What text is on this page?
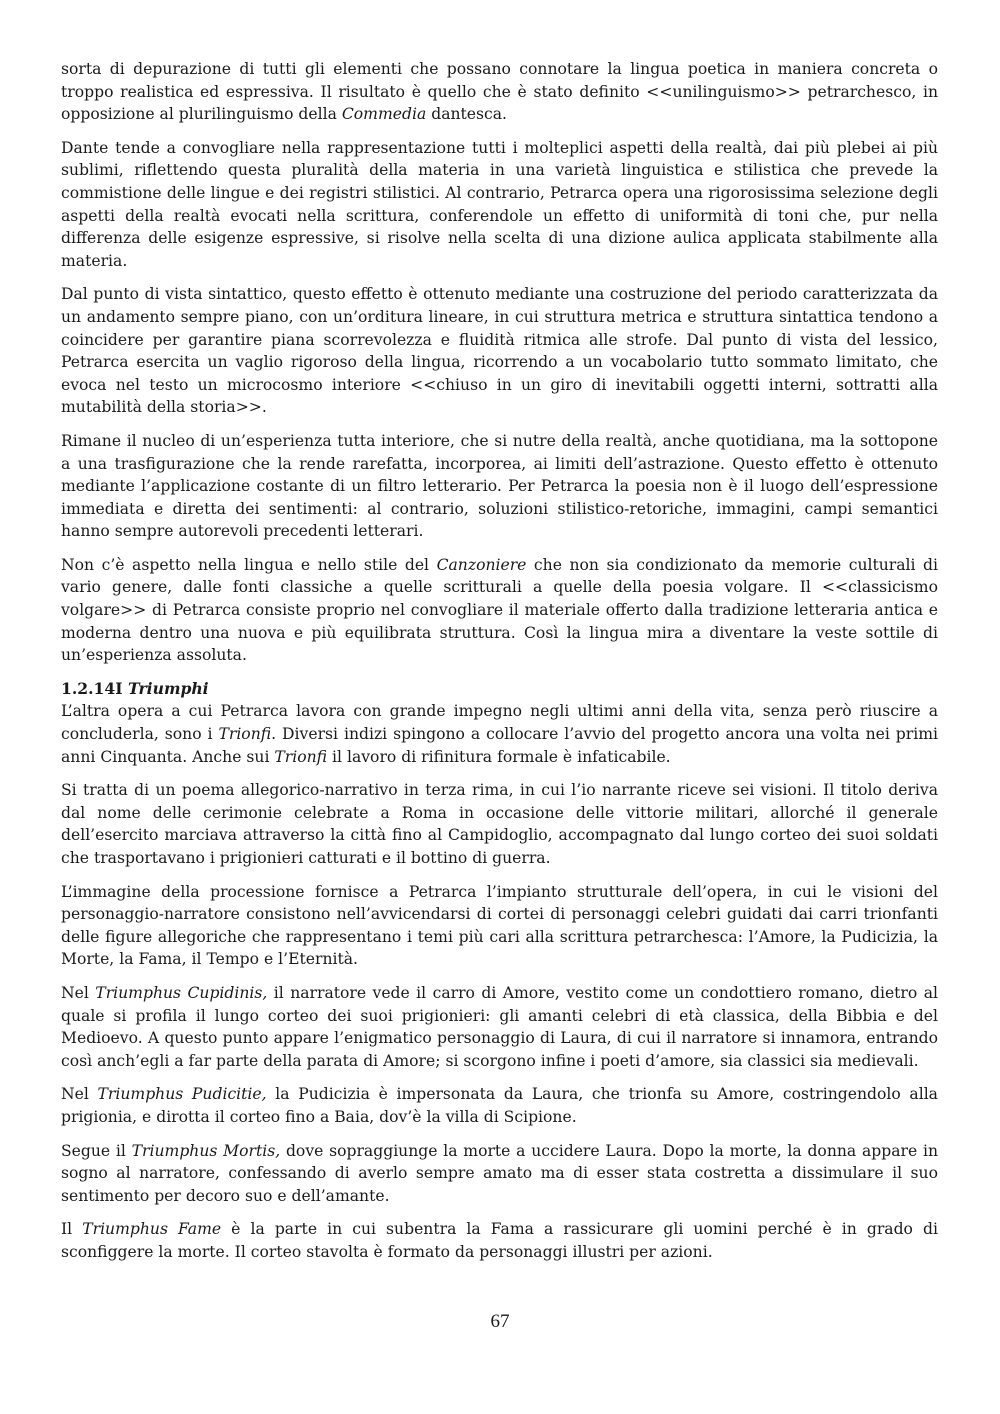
sorta di depurazione di tutti gli elementi che possano connotare la lingua poetica in maniera concreta o troppo realistica ed espressiva. Il risultato è quello che è stato definito <<unilinguismo>> petrarchesco, in opposizione al plurilinguismo della Commedia dantesca.

Dante tende a convogliare nella rappresentazione tutti i molteplici aspetti della realtà, dai più plebei ai più sublimi, riflettendo questa pluralità della materia in una varietà linguistica e stilistica che prevede la commistione delle lingue e dei registri stilistici. Al contrario, Petrarca opera una rigorosissima selezione degli aspetti della realtà evocati nella scrittura, conferendole un effetto di uniformità di toni che, pur nella differenza delle esigenze espressive, si risolve nella scelta di una dizione aulica applicata stabilmente alla materia.

Dal punto di vista sintattico, questo effetto è ottenuto mediante una costruzione del periodo caratterizzata da un andamento sempre piano, con un’orditura lineare, in cui struttura metrica e struttura sintattica tendono a coincidere per garantire piana scorrevolezza e fluidità ritmica alle strofe. Dal punto di vista del lessico, Petrarca esercita un vaglio rigoroso della lingua, ricorrendo a un vocabolario tutto sommato limitato, che evoca nel testo un microcosmo interiore <<chiuso in un giro di inevitabili oggetti interni, sottratti alla mutabilità della storia>>.

Rimane il nucleo di un’esperienza tutta interiore, che si nutre della realtà, anche quotidiana, ma la sottopone a una trasfigurazione che la rende rarefatta, incorporea, ai limiti dell’astrazione. Questo effetto è ottenuto mediante l’applicazione costante di un filtro letterario. Per Petrarca la poesia non è il luogo dell’espressione immediata e diretta dei sentimenti: al contrario, soluzioni stilistico-retoriche, immagini, campi semantici hanno sempre autorevoli precedenti letterari.

Non c’è aspetto nella lingua e nello stile del Canzoniere che non sia condizionato da memorie culturali di vario genere, dalle fonti classiche a quelle scritturali a quelle della poesia volgare. Il <<classicismo volgare>> di Petrarca consiste proprio nel convogliare il materiale offerto dalla tradizione letteraria antica e moderna dentro una nuova e più equilibrata struttura. Così la lingua mira a diventare la veste sottile di un’esperienza assoluta.

1.2.14I Triumphi

L’altra opera a cui Petrarca lavora con grande impegno negli ultimi anni della vita, senza però riuscire a concluderla, sono i Trionfi. Diversi indizi spingono a collocare l’avvio del progetto ancora una volta nei primi anni Cinquanta. Anche sui Trionfi il lavoro di rifinitura formale è infaticabile.

Si tratta di un poema allegorico-narrativo in terza rima, in cui l’io narrante riceve sei visioni. Il titolo deriva dal nome delle cerimonie celebrate a Roma in occasione delle vittorie militari, allorché il generale dell’esercito marciava attraverso la città fino al Campidoglio, accompagnato dal lungo corteo dei suoi soldati che trasportavano i prigionieri catturati e il bottino di guerra.

L’immagine della processione fornisce a Petrarca l’impianto strutturale dell’opera, in cui le visioni del personaggio-narratore consistono nell’avvicendarsi di cortei di personaggi celebri guidati dai carri trionfanti delle figure allegoriche che rappresentano i temi più cari alla scrittura petrarchesca: l’Amore, la Pudicizia, la Morte, la Fama, il Tempo e l’Eternità.

Nel Triumphus Cupidinis, il narratore vede il carro di Amore, vestito come un condottiero romano, dietro al quale si profila il lungo corteo dei suoi prigionieri: gli amanti celebri di età classica, della Bibbia e del Medioevo. A questo punto appare l’enigmatico personaggio di Laura, di cui il narratore si innamora, entrando così anch’egli a far parte della parata di Amore; si scorgono infine i poeti d’amore, sia classici sia medievali.

Nel Triumphus Pudicitie, la Pudicizia è impersonata da Laura, che trionfa su Amore, costringendolo alla prigionia, e dirotta il corteo fino a Baia, dov’è la villa di Scipione.

Segue il Triumphus Mortis, dove sopraggiunge la morte a uccidere Laura. Dopo la morte, la donna appare in sogno al narratore, confessando di averlo sempre amato ma di esser stata costretta a dissimulare il suo sentimento per decoro suo e dell’amante.

Il Triumphus Fame è la parte in cui subentra la Fama a rassicurare gli uomini perché è in grado di sconfiggere la morte. Il corteo stavolta è formato da personaggi illustri per azioni.

67
